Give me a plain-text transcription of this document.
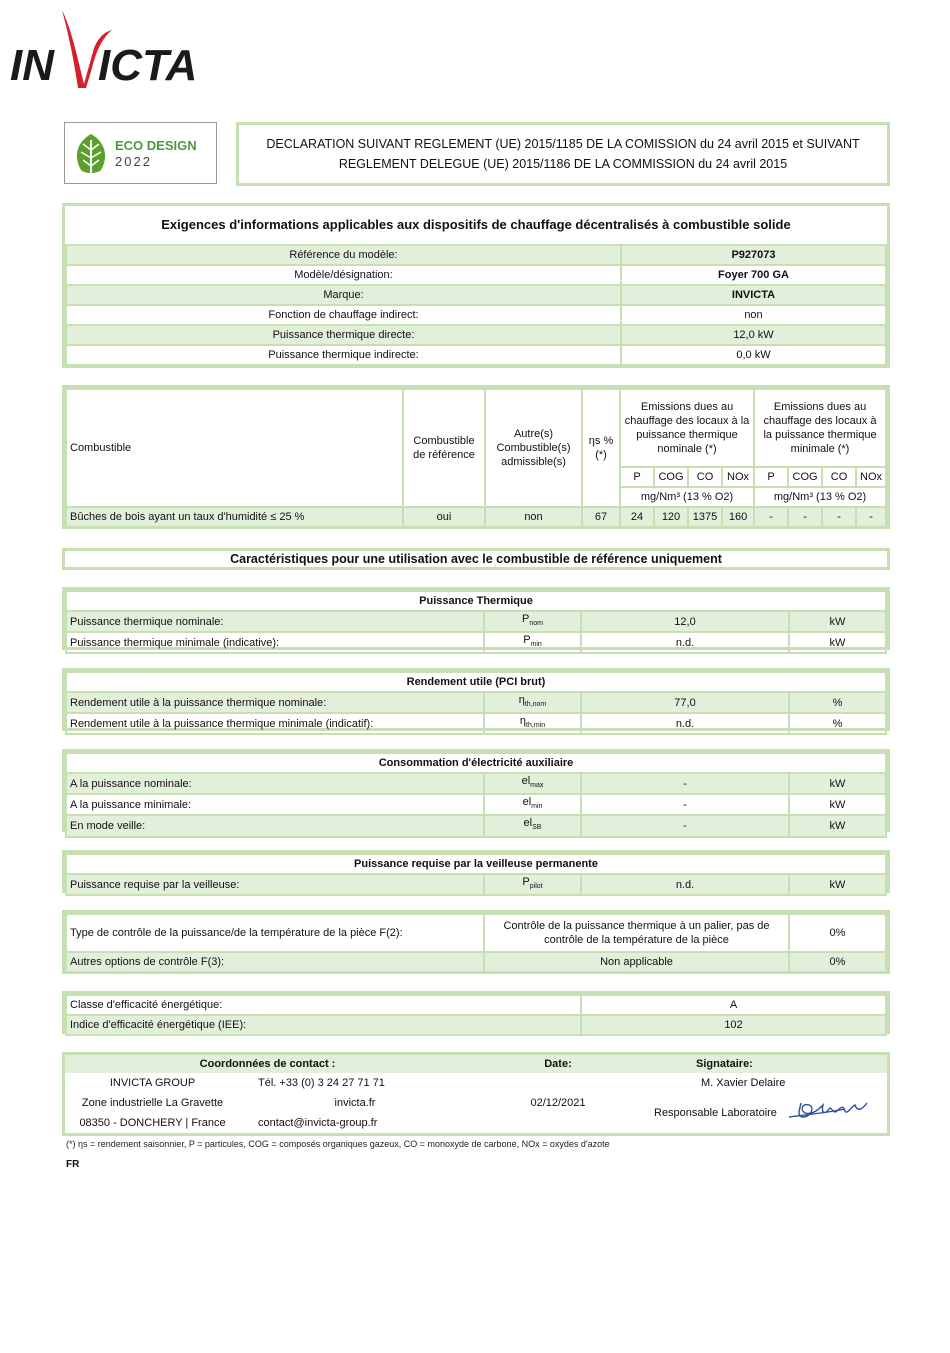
IN ICTA
ECO DESIGN
2022
DECLARATION SUIVANT REGLEMENT (UE) 2015/1185 DE LA COMISSION du 24 avril 2015 et SUIVANT REGLEMENT DELEGUE (UE) 2015/1186 DE LA COMMISSION du 24 avril 2015
Exigences d'informations applicables aux dispositifs de chauffage décentralisés à combustible solide
Référence du modèle:	P927073
Modèle/désignation:	Foyer 700 GA
Marque:	INVICTA
Fonction de chauffage indirect:	non
Puissance thermique directe:	12,0 kW
Puissance thermique indirecte:	0,0 kW
Combustible	Combustible de référence	Autre(s) Combustible(s) admissible(s)	ηs % (*)	Emissions dues au chauffage des locaux à la puissance thermique nominale (*)				Emissions dues au chauffage des locaux à la puissance thermique minimale (*)			
				P	COG	CO	NOx	P	COG	CO	NOx
				mg/Nm³ (13 % O2)				mg/Nm³ (13 % O2)			
Bûches de bois ayant un taux d'humidité ≤ 25 %	oui	non	67	24	120	1375	160	-	-	-	-
Caractéristiques pour une utilisation avec le combustible de référence uniquement
Puissance Thermique			
Puissance thermique nominale:	$P_{nom}$	12,0	kW
Puissance thermique minimale (indicative):	$P_{min}$	n.d.	kW
Rendement utile (PCI brut)			
Rendement utile à la puissance thermique nominale:	$\eta_{th,nom}$	77,0	%
Rendement utile à la puissance thermique minimale (indicatif):	$\eta_{th,min}$	n.d.	%
Consommation d'électricité auxiliaire			
A la puissance nominale:	$el_{max}$	-	kW
A la puissance minimale:	$el_{min}$	-	kW
En mode veille:	$el_{SB}$	-	kW
Puissance requise par la veilleuse permanente
Puissance requise par la veilleuse:	$P_{pilot}$	n.d.	kW
Type de contrôle de la puissance/de la température de la pièce F(2):	Contrôle de la puissance thermique à un palier, pas de contrôle de la température de la pièce	0%
Autres options de contrôle F(3):	Non applicable	0%
Classe d'efficacité énergétique:	A
Indice d'efficacité énergétique (IEE):	102
Coordonnées de contact :		Date:	Signataire:
INVICTA GROUP	Tél. +33 (0) 3 24 27 71 71		M. Xavier Delaire
Zone industrielle La Gravette	invicta.fr	02/12/2021	Responsable Laboratoire

08350 - DONCHERY | France	contact@invicta-group.fr		
(*) ηs = rendement saisonnier, P = particules, COG = composés organiques gazeux, CO = monoxyde de carbone, NOx = oxydes d'azote
FR
